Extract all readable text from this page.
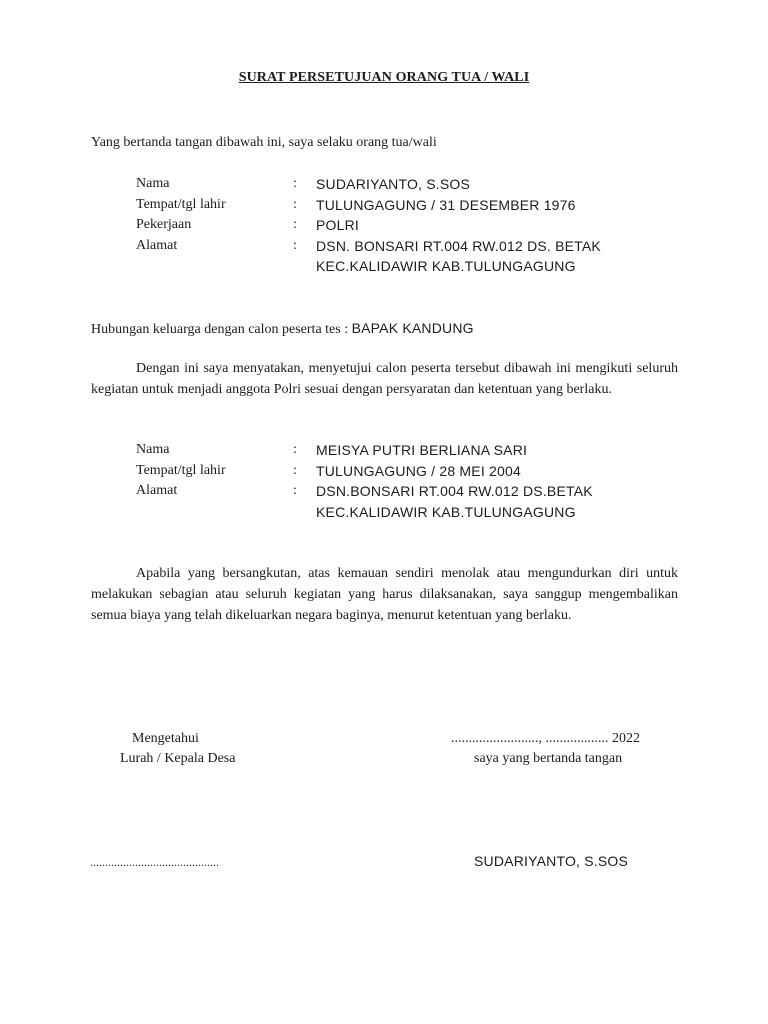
SURAT PERSETUJUAN ORANG TUA / WALI
Yang bertanda tangan dibawah ini, saya selaku orang tua/wali
Nama	: SUDARIYANTO, S.SOS
Tempat/tgl lahir	: TULUNGAGUNG / 31 DESEMBER 1976
Pekerjaan	: POLRI
Alamat	: DSN. BONSARI RT.004 RW.012 DS. BETAK
KEC.KALIDAWIR KAB.TULUNGAGUNG
Hubungan keluarga dengan calon peserta tes : BAPAK KANDUNG
Dengan ini saya menyatakan, menyetujui calon peserta tersebut dibawah ini mengikuti seluruh kegiatan untuk menjadi anggota Polri sesuai dengan persyaratan dan ketentuan yang berlaku.
Nama	: MEISYA PUTRI BERLIANA SARI
Tempat/tgl lahir	: TULUNGAGUNG / 28 MEI 2004
Alamat	: DSN.BONSARI RT.004 RW.012 DS.BETAK
KEC.KALIDAWIR KAB.TULUNGAGUNG
Apabila yang bersangkutan, atas kemauan sendiri menolak atau mengundurkan diri untuk melakukan sebagian atau seluruh kegiatan yang harus dilaksanakan, saya sanggup mengembalikan semua biaya yang telah dikeluarkan negara baginya, menurut ketentuan yang berlaku.
Mengetahui
Lurah / Kepala Desa
...........................................
........................., .................. 2022
saya yang bertanda tangan
SUDARIYANTO, S.SOS
